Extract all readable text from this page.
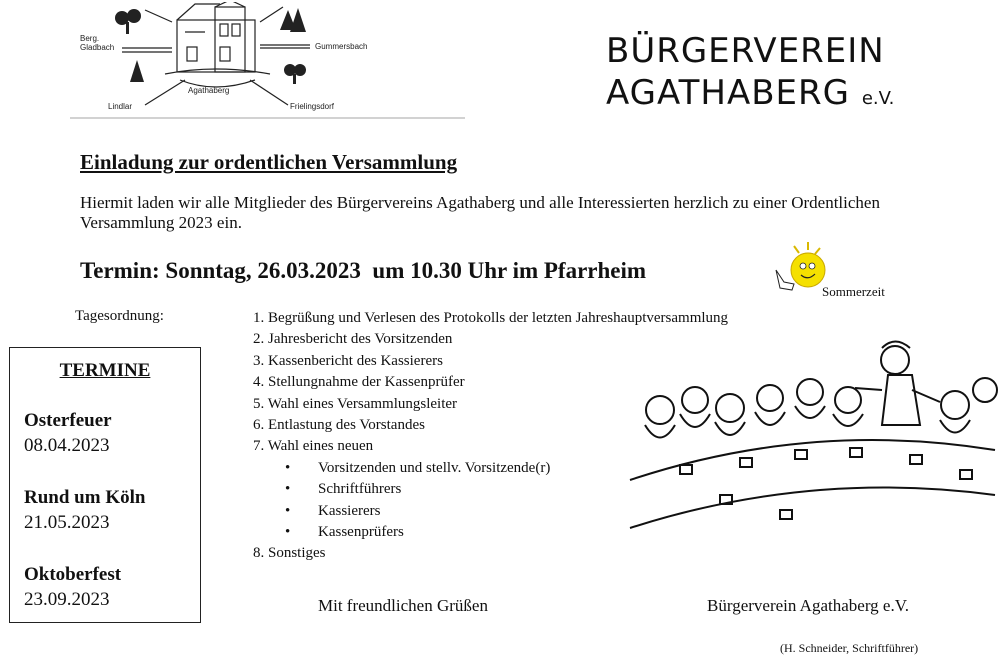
Berg. Gladbach	Gummersbach
Lindlar
Agathaberg
Frielingsdorf
BÜRGERVEREIN
AGATHABERG e.V.
Einladung zur ordentlichen Versammlung
Hiermit laden wir alle Mitglieder des Bürgervereins Agathaberg und alle Interessierten herzlich zu einer Ordentlichen Versammlung 2023 ein.
Termin: Sonntag, 26.03.2023  um 10.30 Uhr im Pfarrheim
Sommerzeit
Tagesordnung:	1. Begrüßung und Verlesen des Protokolls der letzten Jahreshauptversammlung
2. Jahresbericht des Vorsitzenden
3. Kassenbericht des Kassierers
4. Stellungnahme der Kassenprüfer
5. Wahl eines Versammlungsleiter
6. Entlastung des Vorstandes
7. Wahl eines neuen
• Vorsitzenden und stellv. Vorsitzende(r)
• Schriftführers
• Kassierers
• Kassenprüfers
8. Sonstiges
TERMINE
Osterfeuer
08.04.2023
Rund um Köln
21.05.2023
Oktoberfest
23.09.2023	Mit freundlichen Grüßen	Bürgerverein Agathaberg e.V.
(H. Schneider, Schriftführer)
